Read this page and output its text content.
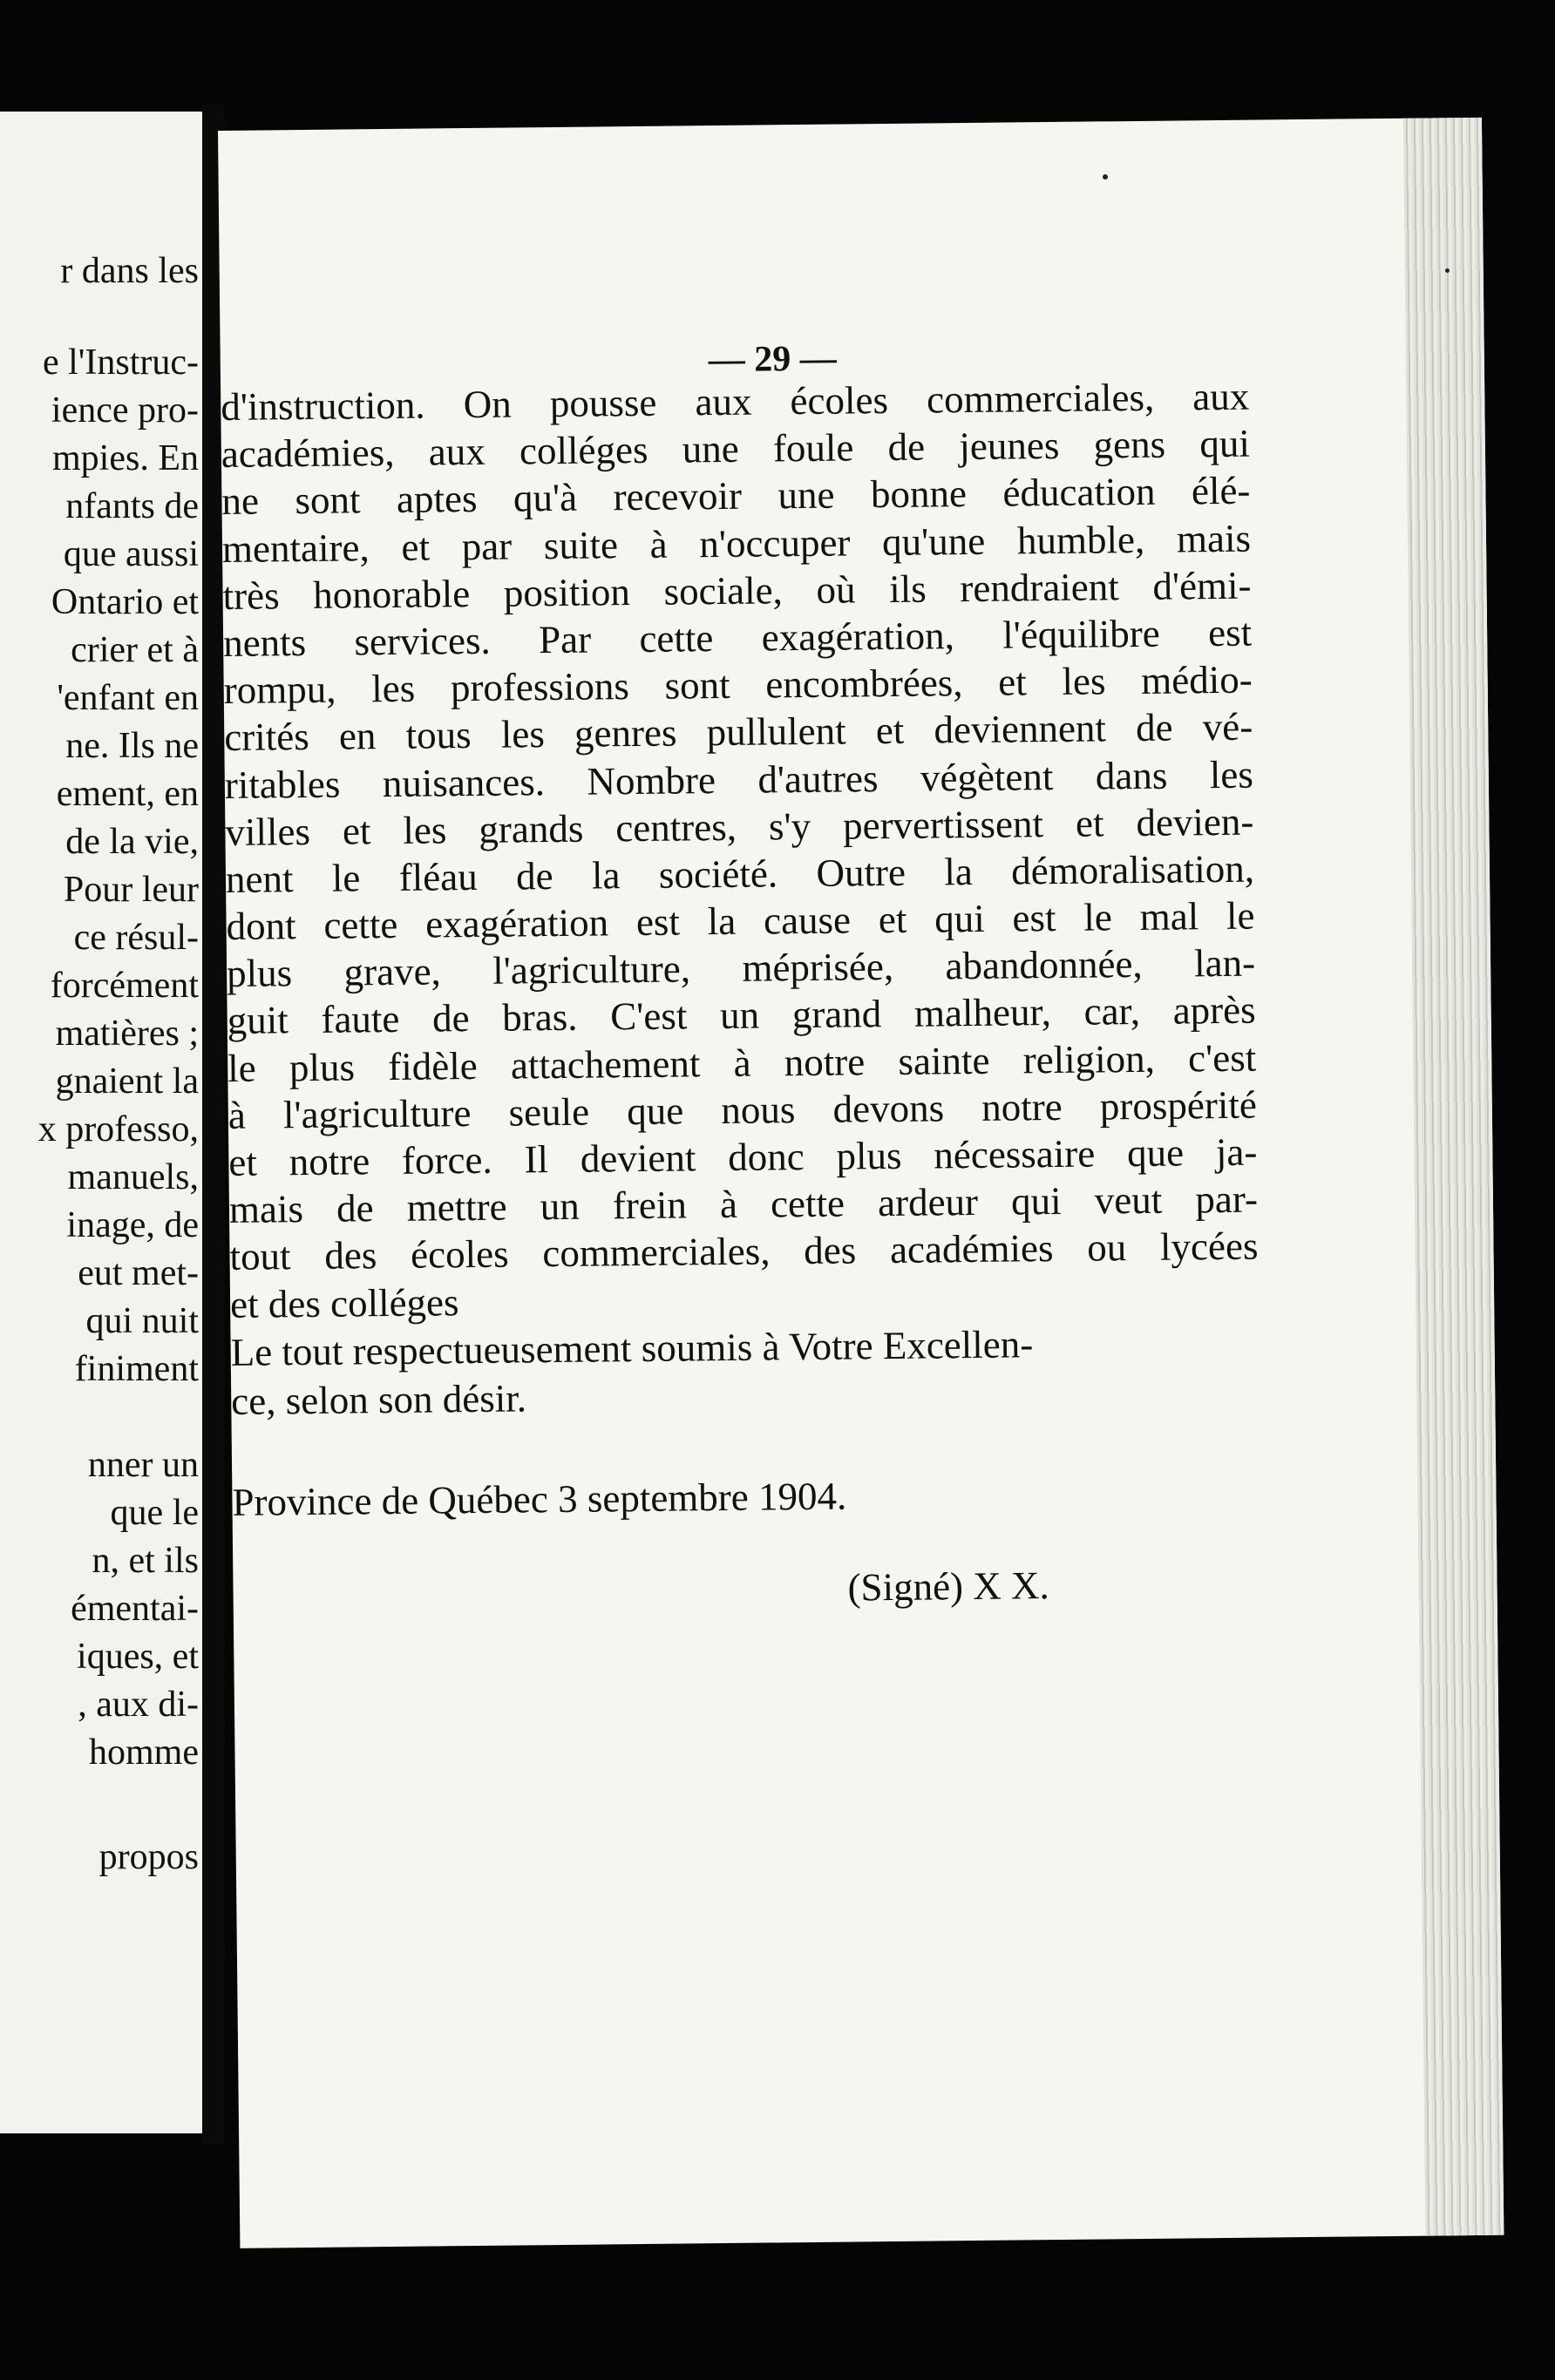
r dans les
e l'Instruc-
ience pro-
mpies. En
nfants de
que aussi
Ontario et
crier et à
'enfant en
ne. Ils ne
ement, en
de la vie,
Pour leur
ce résul-
forcément
matières ;
gnaient la
x professo,
manuels,
inage, de
eut met-
qui nuit
finiment
nner un
que le
n, et ils
émentai-
iques, et
, aux di-
homme
propos
— 29 —
d'instruction. On pousse aux écoles commerciales, aux
académies, aux colléges une foule de jeunes gens qui
ne sont aptes qu'à recevoir une bonne éducation élé-
mentaire, et par suite à n'occuper qu'une humble, mais
très honorable position sociale, où ils rendraient d'émi-
nents services. Par cette exagération, l'équilibre est
rompu, les professions sont encombrées, et les médio-
crités en tous les genres pullulent et deviennent de vé-
ritables nuisances. Nombre d'autres végètent dans les
villes et les grands centres, s'y pervertissent et devien-
nent le fléau de la société. Outre la démoralisation,
dont cette exagération est la cause et qui est le mal le
plus grave, l'agriculture, méprisée, abandonnée, lan-
guit faute de bras. C'est un grand malheur, car, après
le plus fidèle attachement à notre sainte religion, c'est
à l'agriculture seule que nous devons notre prospérité
et notre force. Il devient donc plus nécessaire que ja-
mais de mettre un frein à cette ardeur qui veut par-
tout des écoles commerciales, des académies ou lycées
et des colléges
Le tout respectueusement soumis à Votre Excellen-
ce, selon son désir.
Province de Québec 3 septembre 1904.
(Signé) X X.
